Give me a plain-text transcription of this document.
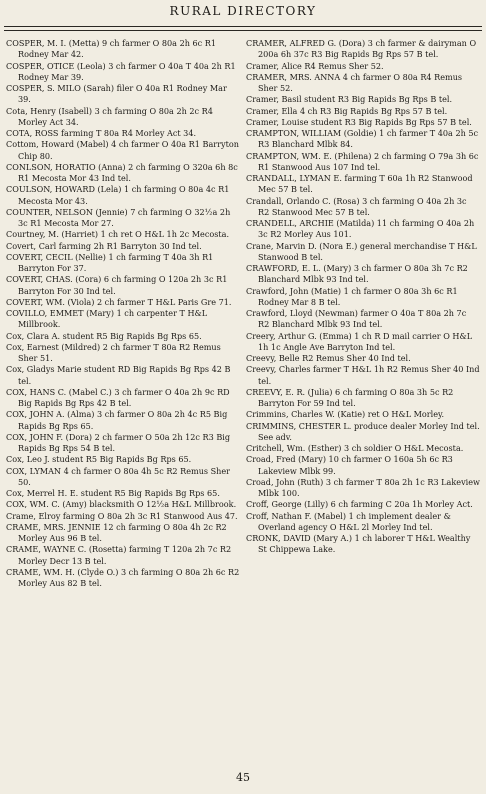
RURAL DIRECTORY
COSPER, M. I. (Metta) 9 ch farmer O 80a 2h 6c R1 Rodney Mar 42.
COSPER, OTICE (Leola) 3 ch farmer O 40a T 40a 2h R1 Rodney Mar 39.
COSPER, S. MILO (Sarah) filer O 40a R1 Rodney Mar 39.
Cota, Henry (Isabell) 3 ch farming O 80a 2h 2c R4 Morley Act 34.
COTA, ROSS farming T 80a R4 Morley Act 34.
Cottom, Howard (Mabel) 4 ch farmer O 40a R1 Barryton Chip 80.
CONLSON, HORATIO (Anna) 2 ch farming O 320a 6h 8c R1 Mecosta Mor 43 Ind tel.
COULSON, HOWARD (Lela) 1 ch farming O 80a 4c R1 Mecosta Mor 43.
COUNTER, NELSON (Jennie) 7 ch farming O 32½a 2h 3c R1 Mecosta Mor 27.
Courtney, M. (Harriet) 1 ch ret O H&L 1h 2c Mecosta.
Covert, Carl farming 2h R1 Barryton 30 Ind tel.
COVERT, CECIL (Nellie) 1 ch farming T 40a 3h R1 Barryton For 37.
COVERT, CHAS. (Cora) 6 ch farming O 120a 2h 3c R1 Barryton For 30 Ind tel.
COVERT, WM. (Viola) 2 ch farmer T H&L Paris Gre 71.
COVILLO, EMMET (Mary) 1 ch carpenter T H&L Millbrook.
Cox, Clara A. student R5 Big Rapids Bg Rps 65.
Cox, Earnest (Mildred) 2 ch farmer T 80a R2 Remus Sher 51.
Cox, Gladys Marie student RD Big Rapids Bg Rps 42 B tel.
COX, HANS C. (Mabel C.) 3 ch farmer O 40a 2h 9c RD Big Rapids Bg Rps 42 B tel.
COX, JOHN A. (Alma) 3 ch farmer O 80a 2h 4c R5 Big Rapids Bg Rps 65.
COX, JOHN F. (Dora) 2 ch farmer O 50a 2h 12c R3 Big Rapids Bg Rps 54 B tel.
Cox, Leo J. student R5 Big Rapids Bg Rps 65.
COX, LYMAN 4 ch farmer O 80a 4h 5c R2 Remus Sher 50.
Cox, Merrel H. E. student R5 Big Rapids Bg Rps 65.
COX, WM. C. (Amy) blacksmith O 12½a H&L Millbrook.
Crame, Elroy farming O 80a 2h 3c R1 Stanwood Aus 47.
CRAME, MRS. JENNIE 12 ch farming O 80a 4h 2c R2 Morley Aus 96 B tel.
CRAME, WAYNE C. (Rosetta) farming T 120a 2h 7c R2 Morley Decr 13 B tel.
CRAME, WM. H. (Clyde O.) 3 ch farming O 80a 2h 6c R2 Morley Aus 82 B tel.
CRAMER, ALFRED G. (Dora) 3 ch farmer & dairyman O 200a 6h 37c R3 Big Rapids Bg Rps 57 B tel.
Cramer, Alice R4 Remus Sher 52.
CRAMER, MRS. ANNA 4 ch farmer O 80a R4 Remus Sher 52.
Cramer, Basil student R3 Big Rapids Bg Rps B tel.
Cramer, Ella 4 ch R3 Big Rapids Bg Rps 57 B tel.
Cramer, Louise student R3 Big Rapids Bg Rps 57 B tel.
CRAMPTON, WILLIAM (Goldie) 1 ch farmer T 40a 2h 5c R3 Blanchard Mlbk 84.
CRAMPTON, WM. E. (Philena) 2 ch farming O 79a 3h 6c R1 Stanwood Aus 107 Ind tel.
CRANDALL, LYMAN E. farming T 60a 1h R2 Stanwood Mec 57 B tel.
Crandall, Orlando C. (Rosa) 3 ch farming O 40a 2h 3c R2 Stanwood Mec 57 B tel.
CRANDELL, ARCHIE (Matilda) 11 ch farming O 40a 2h 3c R2 Morley Aus 101.
Crane, Marvin D. (Nora E.) general merchandise T H&L Stanwood B tel.
CRAWFORD, E. L. (Mary) 3 ch farmer O 80a 3h 7c R2 Blanchard Mlbk 93 Ind tel.
Crawford, John (Matie) 1 ch farmer O 80a 3h 6c R1 Rodney Mar 8 B tel.
Crawford, Lloyd (Newman) farmer O 40a T 80a 2h 7c R2 Blanchard Mlbk 93 Ind tel.
Creery, Arthur G. (Emma) 1 ch R D mail carrier O H&L 1h 1c Angle Ave Barryton Ind tel.
Creevy, Belle R2 Remus Sher 40 Ind tel.
Creevy, Charles farmer T H&L 1h R2 Remus Sher 40 Ind tel.
CREEVY, E. R. (Julia) 6 ch farming O 80a 3h 5c R2 Barryton For 59 Ind tel.
Crimmins, Charles W. (Katie) ret O H&L Morley.
CRIMMINS, CHESTER L. produce dealer Morley Ind tel. See adv.
Critchell, Wm. (Esther) 3 ch soldier O H&L Mecosta.
Croad, Fred (Mary) 10 ch farmer O 160a 5h 6c R3 Lakeview Mlbk 99.
Croad, John (Ruth) 3 ch farmer T 80a 2h 1c R3 Lakeview Mlbk 100.
Croff, George (Lilly) 6 ch farming C 20a 1h Morley Act.
Croff, Nathan F. (Mabel) 1 ch implement dealer & Overland agency O H&L 2l Morley Ind tel.
CRONK, DAVID (Mary A.) 1 ch laborer T H&L Wealthy St Chippewa Lake.
45
